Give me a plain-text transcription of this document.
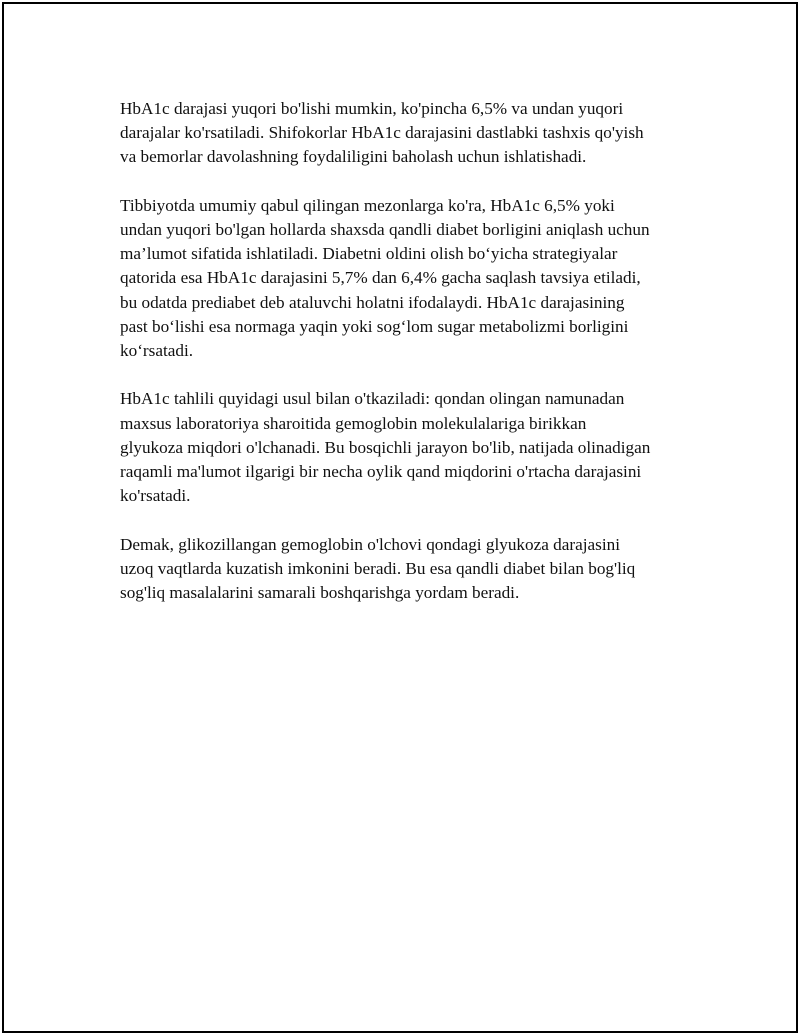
HbA1c darajasi yuqori bo'lishi mumkin, ko'pincha 6,5% va undan yuqori
darajalar ko'rsatiladi. Shifokorlar HbA1c darajasini dastlabki tashxis qo'yish
va bemorlar davolashning foydaliligini baholash uchun ishlatishadi.

Tibbiyotda umumiy qabul qilingan mezonlarga ko'ra, HbA1c 6,5% yoki
undan yuqori bo'lgan hollarda shaxsda qandli diabet borligini aniqlash uchun
ma’lumot sifatida ishlatiladi. Diabetni oldini olish bo‘yicha strategiyalar
qatorida esa HbA1c darajasini 5,7% dan 6,4% gacha saqlash tavsiya etiladi,
bu odatda prediabet deb ataluvchi holatni ifodalaydi. HbA1c darajasining
past bo‘lishi esa normaga yaqin yoki sog‘lom sugar metabolizmi borligini
ko‘rsatadi.

HbA1c tahlili quyidagi usul bilan o'tkaziladi: qondan olingan namunadan
maxsus laboratoriya sharoitida gemoglobin molekulalariga birikkan
glyukoza miqdori o'lchanadi. Bu bosqichli jarayon bo'lib, natijada olinadigan
raqamli ma'lumot ilgarigi bir necha oylik qand miqdorini o'rtacha darajasini
ko'rsatadi.

Demak, glikozillangan gemoglobin o'lchovi qondagi glyukoza darajasini
uzoq vaqtlarda kuzatish imkonini beradi. Bu esa qandli diabet bilan bog'liq
sog'liq masalalarini samarali boshqarishga yordam beradi.
